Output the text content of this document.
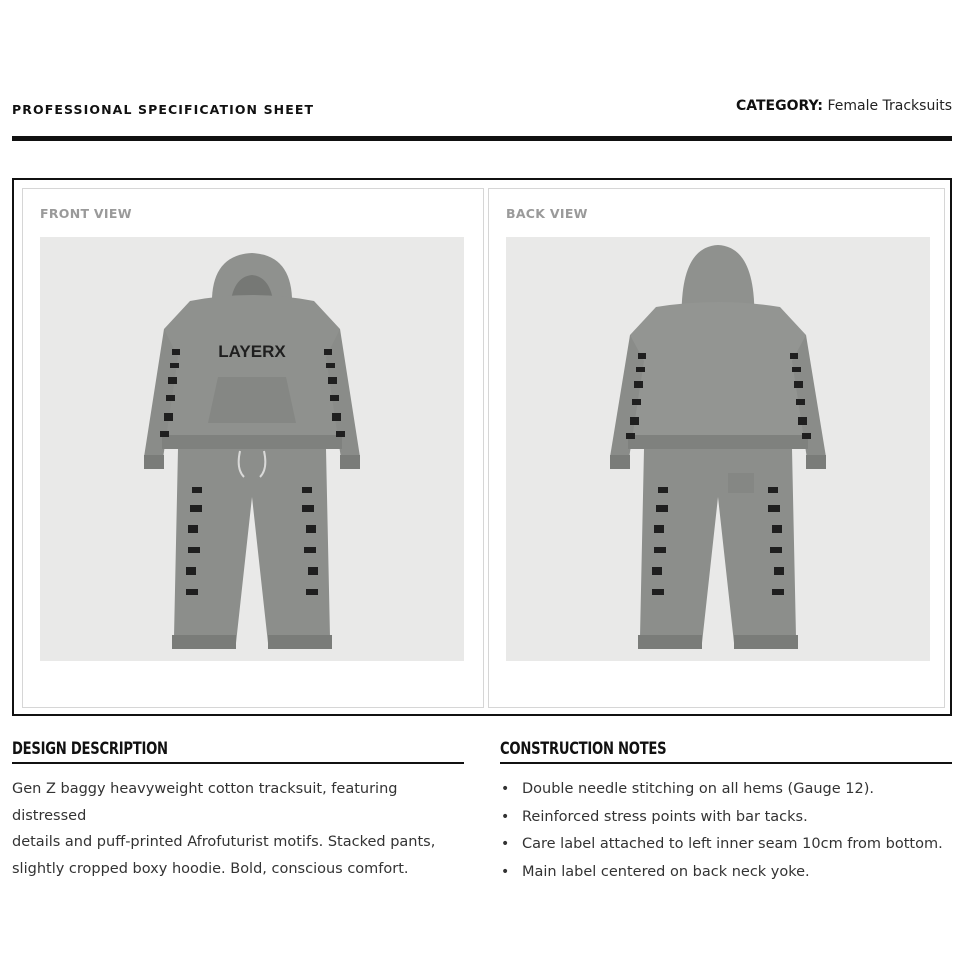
PROFESSIONAL SPECIFICATION SHEET	CATEGORY: Female Tracksuits
FRONT VIEW
LAYERX
BACK VIEW
DESIGN DESCRIPTION
Gen Z baggy heavyweight cotton tracksuit, featuring distressed
details and puff-printed Afrofuturist motifs. Stacked pants,
slightly cropped boxy hoodie. Bold, conscious comfort.
CONSTRUCTION NOTES
• Double needle stitching on all hems (Gauge 12).
• Reinforced stress points with bar tacks.
• Care label attached to left inner seam 10cm from bottom.
• Main label centered on back neck yoke.
